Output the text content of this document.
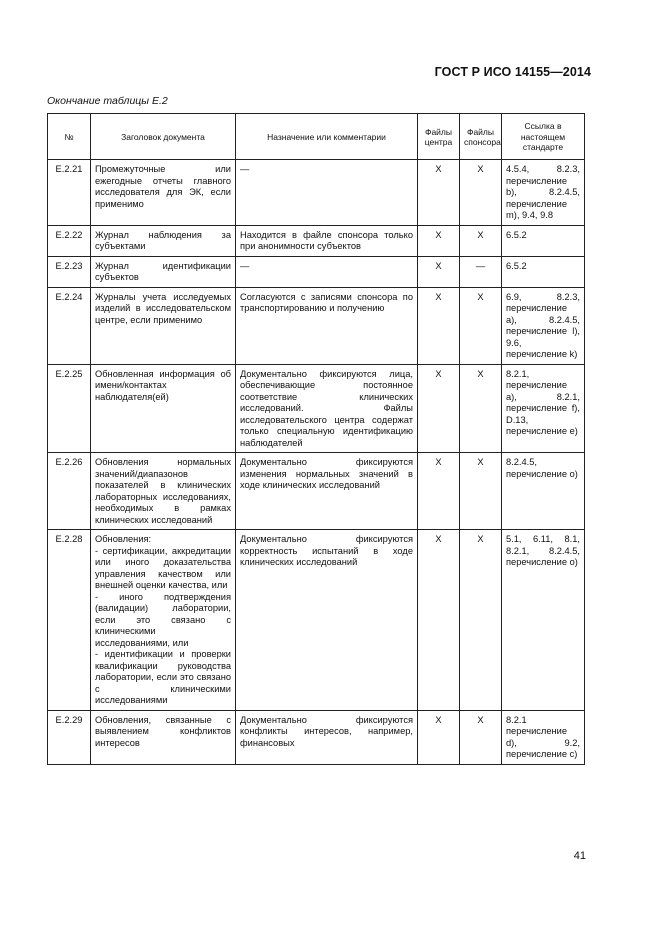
ГОСТ Р ИСО 14155—2014
Окончание таблицы Е.2
№	Заголовок документа	Назначение или комментарии	Файлы центра	Файлы спонсора	Ссылка в настоящем стандарте
Е.2.21	Промежуточные или ежегодные отчеты главного исследователя для ЭК, если применимо	—	X	X	4.5.4, 8.2.3, перечисление b), 8.2.4.5, перечисление m), 9.4, 9.8
Е.2.22	Журнал наблюдения за субъектами	Находится в файле спонсора только при анонимности субъектов	X	X	6.5.2
Е.2.23	Журнал идентификации субъектов	—	X	—	6.5.2
Е.2.24	Журналы учета исследуемых изделий в исследовательском центре, если применимо	Согласуются с записями спонсора по транспортированию и получению	X	X	6.9, 8.2.3, перечисление a), 8.2.4.5, перечисление l), 9.6, перечисление k)
Е.2.25	Обновленная информация об имени/контактах наблюдателя(ей)	Документально фиксируются лица, обеспечивающие постоянное соответствие клинических исследований. Файлы исследовательского центра содержат только специальную идентификацию наблюдателей	X	X	8.2.1, перечисление a), 8.2.1, перечисление f), D.13, перечисление e)
Е.2.26	Обновления нормальных значений/диапазонов показателей в клинических лабораторных исследованиях, необходимых в рамках клинических исследований	Документально фиксируются изменения нормальных значений в ходе клинических исследований	X	X	8.2.4.5, перечисление o)
Е.2.28	Обновления:
- сертификации, аккредитации или иного доказательства управления качеством или внешней оценки качества, или
- иного подтверждения (валидации) лаборатории, если это связано с клиническими исследованиями, или
- идентификации и проверки квалификации руководства лаборатории, если это связано с клиническими исследованиями	Документально фиксируются корректность испытаний в ходе клинических исследований	X	X	5.1, 6.11, 8.1, 8.2.1, 8.2.4.5, перечисление o)
Е.2.29	Обновления, связанные с выявлением конфликтов интересов	Документально фиксируются конфликты интересов, например, финансовых	X	X	8.2.1 перечисление d), 9.2, перечисление c)
41
